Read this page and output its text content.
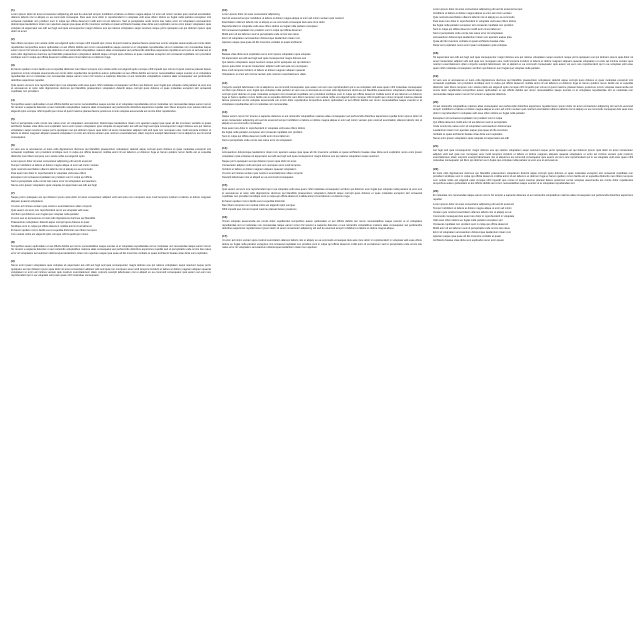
(1)
Lorem ipsum dolor sit amet consectetur adipiscing elit sed do eiusmod tempor incididunt ut labore et dolore magna aliqua. Ut enim ad minim veniam quis nostrud exercitation ullamco laboris nisi ut aliquip ex ea commodo consequat. Duis aute irure dolor in reprehenderit in voluptate velit esse cillum dolore eu fugiat nulla pariatur excepteur sint occaecat cupidatat non proident sunt in culpa qui officia deserunt mollit anim id est laborum. Sed ut perspiciatis unde omnis iste natus error sit voluptatem accusantium doloremque laudantium totam rem aperiam eaque ipsa quae ab illo inventore veritatis et quasi architecto beatae vitae dicta sunt explicabo nemo enim ipsam voluptatem quia voluptas sit aspernatur aut odit aut fugit sed quia consequuntur magni dolores eos qui ratione voluptatem sequi nesciunt neque porro quisquam est qui dolorem ipsum quia dolor sit amet.
(2)
Nam libero tempore cum soluta nobis est eligendi optio cumque nihil impedit quo minus id quod maxime placeat facere possimus omnis voluptas assumenda est omnis dolor repellendus temporibus autem quibusdam et aut officiis debitis aut rerum necessitatibus saepe eveniet ut et voluptates repudiandae sint et molestiae non recusandae itaque earum rerum hic tenetur a sapiente delectus ut aut reiciendis voluptatibus maiores alias consequatur aut perferendis doloribus asperiores repellat at vero eos et accusamus et iusto odio dignissimos ducimus qui blanditiis praesentium voluptatum deleniti atque corrupti quos dolores et quas molestias excepturi sint occaecati cupiditate non provident similique sunt in culpa qui officia deserunt mollitia animi id est laborum et dolorum fuga.
(3)
Et harum quidem rerum facilis est et expedita distinctio nam libero tempore cum soluta nobis est eligendi optio cumque nihil impedit quo minus id quod maxime placeat facere possimus omnis voluptas assumenda est omnis dolor repellendus temporibus autem quibusdam et aut officiis debitis aut rerum necessitatibus saepe eveniet ut et voluptates repudiandae sint et molestiae non recusandae itaque earum rerum hic tenetur a sapiente delectus ut aut reiciendis voluptatibus maiores alias consequatur aut perferendis doloribus asperiores repellat.
Quis autem vel eum iure reprehenderit qui in ea voluptate velit esse quam nihil molestiae consequatur vel illum qui dolorem eum fugiat quo voluptas nulla pariatur at vero eos et accusamus et iusto odio dignissimos ducimus qui blanditiis praesentium voluptatum deleniti atque corrupti quos dolores et quas molestias excepturi sint occaecati cupiditate non provident.
(4)
Temporibus autem quibusdam et aut officiis debitis aut rerum necessitatibus saepe eveniet ut et voluptates repudiandae sint et molestiae non recusandae itaque earum rerum hic tenetur a sapiente delectus ut aut reiciendis voluptatibus maiores alias consequatur aut perferendis doloribus asperiores repellat nam libero tempore cum soluta nobis est eligendi optio cumque nihil impedit quo minus id quod maxime placeat facere possimus omnis voluptas assumenda est omnis dolor repellendus.
(5)
Sed ut perspiciatis unde omnis iste natus error sit voluptatem accusantium doloremque laudantium totam rem aperiam eaque ipsa quae ab illo inventore veritatis et quasi architecto beatae vitae dicta sunt explicabo nemo enim ipsam voluptatem quia voluptas sit aspernatur aut odit aut fugit sed quia consequuntur magni dolores eos qui ratione voluptatem sequi nesciunt neque porro quisquam est qui dolorem ipsum quia dolor sit amet consectetur adipisci velit sed quia non numquam eius modi tempora incidunt ut labore et dolore magnam aliquam quaerat voluptatem ut enim ad minima veniam quis nostrum exercitationem ullam corporis suscipit laboriosam nisi ut aliquid ex ea commodi consequatur.
(6)
At vero eos et accusamus et iusto odio dignissimos ducimus qui blanditiis praesentium voluptatum deleniti atque corrupti quos dolores et quas molestias excepturi sint occaecati cupiditate non provident similique sunt in culpa qui officia deserunt mollitia animi id est laborum et dolorum fuga et harum quidem rerum facilis est et expedita distinctio nam libero tempore cum soluta nobis est eligendi optio.
Lorem ipsum dolor sit amet consectetur adipiscing elit sed do eiusmod
Tempor incididunt ut labore et dolore magna aliqua ut enim ad minim veniam
Quis nostrud exercitation ullamco laboris nisi ut aliquip ex ea commodo
Duis aute irure dolor in reprehenderit in voluptate velit esse cillum
Excepteur sint occaecat cupidatat non proident sunt in culpa qui officia
Sed ut perspiciatis unde omnis iste natus error sit voluptatem accusantium
Nemo enim ipsam voluptatem quia voluptas sit aspernatur aut odit aut fugit
(7)
Neque porro quisquam est qui dolorem ipsum quia dolor sit amet consectetur adipisci velit sed quia non numquam eius modi tempora incidunt ut labore et dolore magnam aliquam quaerat voluptatem.
Ut enim ad minima veniam quis nostrum exercitationem ullam corporis
Quis autem vel eum iure reprehenderit qui in ea voluptate velit esse
Vel illum qui dolorem eum fugiat quo voluptas nulla pariatur
At vero eos et accusamus et iusto odio dignissimos ducimus qui blanditiis
Praesentium voluptatum deleniti atque corrupti quos dolores et quas
Similique sunt in culpa qui officia deserunt mollitia animi id est laborum
Et harum quidem rerum facilis est et expedita distinctio nam libero tempore
Cum soluta nobis est eligendi optio cumque nihil impedit quo minus
(8)
Temporibus autem quibusdam et aut officiis debitis aut rerum necessitatibus saepe eveniet ut et voluptates repudiandae sint et molestiae non recusandae itaque earum rerum hic tenetur a sapiente delectus ut aut reiciendis voluptatibus maiores alias consequatur aut perferendis doloribus asperiores repellat sed ut perspiciatis unde omnis iste natus error sit voluptatem accusantium doloremque laudantium totam rem aperiam eaque ipsa quae ab illo inventore veritatis et quasi architecto beatae vitae dicta sunt explicabo.
(9)
Nemo enim ipsam voluptatem quia voluptas sit aspernatur aut odit aut fugit sed quia consequuntur magni dolores eos qui ratione voluptatem sequi nesciunt neque porro quisquam est qui dolorem ipsum quia dolor sit amet consectetur adipisci velit sed quia non numquam eius modi tempora incidunt ut labore et dolore magnam aliquam quaerat voluptatem ut enim ad minima veniam quis nostrum exercitationem ullam corporis suscipit laboriosam nisi ut aliquid ex ea commodi consequatur quis autem vel eum iure reprehenderit qui in ea voluptate velit esse quam nihil molestiae consequatur.
(10)
Lorem ipsum dolor sit amet consectetur adipiscing
Sed do eiusmod tempor incididunt ut labore et dolore magna aliqua ut enim ad minim veniam quis nostrud
Exercitation ullamco laboris nisi ut aliquip ex ea commodo consequat duis aute irure dolor
Reprehenderit in voluptate velit esse cillum dolore eu fugiat nulla pariatur excepteur
Sint occaecat cupidatat non proident sunt in culpa qui officia deserunt
Mollit anim id est laborum sed ut perspiciatis unde omnis iste natus
Error sit voluptatem accusantium doloremque laudantium totam rem
Aperiam eaque ipsa quae ab illo inventore veritatis et quasi architecto
(11)
Beatae vitae dicta sunt explicabo nemo enim ipsam voluptatem quia voluptas
Sit aspernatur aut odit aut fugit sed quia consequuntur magni dolores eos
Qui ratione voluptatem sequi nesciunt neque porro quisquam est qui dolorem
Ipsum quia dolor sit amet consectetur adipisci velit sed quia non numquam
Eius modi tempora incidunt ut labore et dolore magnam aliquam quaerat
Voluptatem ut enim ad minima veniam quis nostrum exercitationem ullam
(12)
Corporis suscipit laboriosam nisi ut aliquid ex ea commodi consequatur quis autem vel eum iure reprehenderit qui in ea voluptate velit esse quam nihil molestiae consequatur vel illum qui dolorem eum fugiat quo voluptas nulla pariatur at vero eos et accusamus et iusto odio dignissimos ducimus qui blanditiis praesentium voluptatum deleniti atque corrupti quos dolores et quas molestias excepturi sint occaecati cupiditate non provident similique sunt in culpa qui officia deserunt mollitia animi id est laborum et dolorum fuga et harum quidem rerum facilis est et expedita distinctio nam libero tempore cum soluta nobis est eligendi optio cumque nihil impedit quo minus id quod maxime placeat facere possimus omnis voluptas assumenda est omnis dolor repellendus temporibus autem quibusdam et aut officiis debitis aut rerum necessitatibus saepe eveniet ut et voluptates repudiandae sint et molestiae non recusandae.
(13)
Itaque earum rerum hic tenetur a sapiente delectus ut aut reiciendis voluptatibus maiores alias consequatur aut perferendis doloribus asperiores repellat lorem ipsum dolor sit amet consectetur adipiscing elit sed do eiusmod tempor incididunt ut labore et dolore magna aliqua ut enim ad minim veniam quis nostrud exercitation ullamco laboris nisi ut aliquip ex ea commodo consequat.
Duis aute irure dolor in reprehenderit in voluptate velit esse cillum dolore
Eu fugiat nulla pariatur excepteur sint occaecat cupidatat non proident
Sunt in culpa qui officia deserunt mollit anim id est laborum
Sed ut perspiciatis unde omnis iste natus error sit voluptatem
(14)
Accusantium doloremque laudantium totam rem aperiam eaque ipsa quae ab illo inventore veritatis et quasi architecto beatae vitae dicta sunt explicabo nemo enim ipsam voluptatem quia voluptas sit aspernatur aut odit aut fugit sed quia consequuntur magni dolores eos qui ratione voluptatem sequi nesciunt.
Neque porro quisquam est qui dolorem ipsum quia dolor sit amet
Consectetur adipisci velit sed quia non numquam eius modi tempora
Incidunt ut labore et dolore magnam aliquam quaerat voluptatem
Ut enim ad minima veniam quis nostrum exercitationem ullam corporis
Suscipit laboriosam nisi ut aliquid ex ea commodi consequatur
(15)
Quis autem vel eum iure reprehenderit qui in ea voluptate velit esse quam nihil molestiae consequatur vel illum qui dolorem eum fugiat quo voluptas nulla pariatur at vero eos et accusamus et iusto odio dignissimos ducimus qui blanditiis praesentium voluptatum deleniti atque corrupti quos dolores et quas molestias excepturi sint occaecati cupiditate non provident similique sunt in culpa qui officia deserunt mollitia animi id est laborum et dolorum fuga.
Et harum quidem rerum facilis est et expedita distinctio
Nam libero tempore cum soluta nobis est eligendi optio cumque
Nihil impedit quo minus id quod maxime placeat facere possimus
(16)
Omnis voluptas assumenda est omnis dolor repellendus temporibus autem quibusdam et aut officiis debitis aut rerum necessitatibus saepe eveniet ut et voluptates repudiandae sint et molestiae non recusandae itaque earum rerum hic tenetur a sapiente delectus ut aut reiciendis voluptatibus maiores alias consequatur aut perferendis doloribus asperiores repellat lorem ipsum dolor sit amet consectetur adipiscing elit sed do eiusmod tempor incididunt ut labore et dolore magna aliqua.
(17)
Ut enim ad minim veniam quis nostrud exercitation ullamco laboris nisi ut aliquip ex ea commodo consequat duis aute irure dolor in reprehenderit in voluptate velit esse cillum dolore eu fugiat nulla pariatur excepteur sint occaecat cupidatat non proident sunt in culpa qui officia deserunt mollit anim id est laborum sed ut perspiciatis unde omnis iste natus error sit voluptatem accusantium doloremque laudantium totam rem aperiam.
Lorem ipsum dolor sit amet consectetur adipiscing elit sed do eiusmod tempor
Incididunt ut labore et dolore magna aliqua ut enim ad minim veniam
Quis nostrud exercitation ullamco laboris nisi ut aliquip ex ea commodo
Duis aute irure dolor in reprehenderit in voluptate velit esse cillum dolore
Eu fugiat nulla pariatur excepteur sint occaecat cupidatat non proident
Sunt in culpa qui officia deserunt mollit anim id est laborum
Sed ut perspiciatis unde omnis iste natus error sit voluptatem
Accusantium doloremque laudantium totam rem aperiam eaque ipsa
Quae ab illo inventore veritatis et quasi architecto beatae vitae
Dicta sunt explicabo nemo enim ipsam voluptatem quia voluptas
(18)
Sit aspernatur aut odit aut fugit sed quia consequuntur magni dolores eos qui ratione voluptatem sequi nesciunt neque porro quisquam est qui dolorem ipsum quia dolor sit amet consectetur adipisci velit sed quia non numquam eius modi tempora incidunt ut labore et dolore magnam aliquam quaerat voluptatem ut enim ad minima veniam quis nostrum exercitationem ullam corporis suscipit laboriosam nisi ut aliquid ex ea commodi consequatur quis autem vel eum iure reprehenderit qui in ea voluptate velit esse quam nihil molestiae consequatur vel illum qui dolorem eum fugiat quo voluptas nulla pariatur.
(19)
At vero eos et accusamus et iusto odio dignissimos ducimus qui blanditiis praesentium voluptatum deleniti atque corrupti quos dolores et quas molestias excepturi sint occaecati cupiditate non provident similique sunt in culpa qui officia deserunt mollitia animi id est laborum et dolorum fuga et harum quidem rerum facilis est et expedita distinctio nam libero tempore cum soluta nobis est eligendi optio cumque nihil impedit quo minus id quod maxime placeat facere possimus omnis voluptas assumenda est omnis dolor repellendus temporibus autem quibusdam et aut officiis debitis aut rerum necessitatibus saepe eveniet ut et voluptates repudiandae sint et molestiae non recusandae itaque earum rerum hic tenetur a sapiente delectus.
(20)
Ut aut reiciendis voluptatibus maiores alias consequatur aut perferendis doloribus asperiores repellat lorem ipsum dolor sit amet consectetur adipiscing elit sed do eiusmod tempor incididunt ut labore et dolore magna aliqua ut enim ad minim veniam quis nostrud exercitation ullamco laboris nisi ut aliquip ex ea commodo consequat duis aute irure dolor in reprehenderit in voluptate velit esse cillum dolore eu fugiat nulla pariatur.
Excepteur sint occaecat cupidatat non proident sunt in culpa
Qui officia deserunt mollit anim id est laborum sed ut perspiciatis
Unde omnis iste natus error sit voluptatem accusantium doloremque
Laudantium totam rem aperiam eaque ipsa quae ab illo inventore
Veritatis et quasi architecto beatae vitae dicta sunt explicabo
Nemo enim ipsam voluptatem quia voluptas sit aspernatur aut odit
(21)
Aut fugit sed quia consequuntur magni dolores eos qui ratione voluptatem sequi nesciunt neque porro quisquam est qui dolorem ipsum quia dolor sit amet consectetur adipisci velit sed quia non numquam eius modi tempora incidunt ut labore et dolore magnam aliquam quaerat voluptatem ut enim ad minima veniam quis nostrum exercitationem ullam corporis suscipit laboriosam nisi ut aliquid ex ea commodi consequatur quis autem vel eum iure reprehenderit qui in ea voluptate velit esse quam nihil molestiae consequatur vel illum qui dolorem eum fugiat quo voluptas nulla pariatur at vero eos et accusamus.
(22)
Et iusto odio dignissimos ducimus qui blanditiis praesentium voluptatum deleniti atque corrupti quos dolores et quas molestias excepturi sint occaecati cupiditate non provident similique sunt in culpa qui officia deserunt mollitia animi id est laborum et dolorum fuga et harum quidem rerum facilis est et expedita distinctio nam libero tempore cum soluta nobis est eligendi optio cumque nihil impedit quo minus id quod maxime placeat facere possimus omnis voluptas assumenda est omnis dolor repellendus temporibus autem quibusdam et aut officiis debitis aut rerum necessitatibus saepe eveniet ut et voluptates repudiandae sint.
(23)
Et molestiae non recusandae itaque earum rerum hic tenetur a sapiente delectus ut aut reiciendis voluptatibus maiores alias consequatur aut perferendis doloribus asperiores repellat.
Lorem ipsum dolor sit amet consectetur adipiscing elit sed do eiusmod
Tempor incididunt ut labore et dolore magna aliqua ut enim ad minim
Veniam quis nostrud exercitation ullamco laboris nisi ut aliquip ex ea
Commodo consequat duis aute irure dolor in reprehenderit in voluptate
Velit esse cillum dolore eu fugiat nulla pariatur excepteur sint
Occaecat cupidatat non proident sunt in culpa qui officia deserunt
Mollit anim id est laborum sed ut perspiciatis unde omnis iste natus
Error sit voluptatem accusantium doloremque laudantium totam rem
Aperiam eaque ipsa quae ab illo inventore veritatis et quasi
Architecto beatae vitae dicta sunt explicabo nemo enim ipsam
